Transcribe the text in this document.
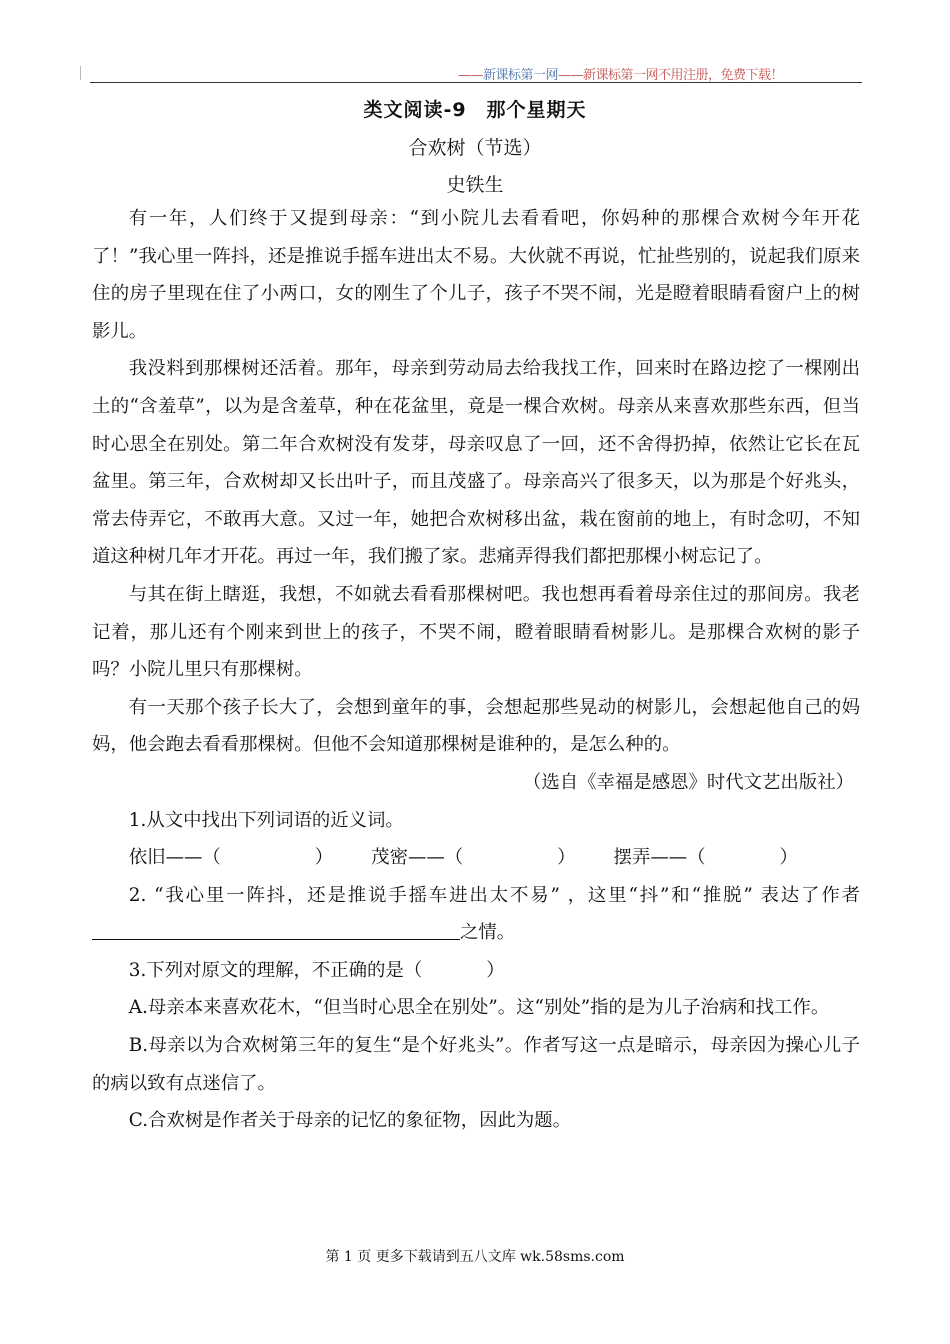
——新课标第一网——新课标第一网不用注册，免费下载！
类文阅读-9　那个星期天
合欢树（节选）
史铁生

有一年，人们终于又提到母亲：“到小院儿去看看吧，你妈种的那棵合欢树今年开花了！”我心里一阵抖，还是推说手摇车进出太不易。大伙就不再说，忙扯些别的，说起我们原来住的房子里现在住了小两口，女的刚生了个儿子，孩子不哭不闹，光是瞪着眼睛看窗户上的树影儿。

我没料到那棵树还活着。那年，母亲到劳动局去给我找工作，回来时在路边挖了一棵刚出土的“含羞草”，以为是含羞草，种在花盆里，竟是一棵合欢树。母亲从来喜欢那些东西，但当时心思全在别处。第二年合欢树没有发芽，母亲叹息了一回，还不舍得扔掉，依然让它长在瓦盆里。第三年，合欢树却又长出叶子，而且茂盛了。母亲高兴了很多天，以为那是个好兆头，常去侍弄它，不敢再大意。又过一年，她把合欢树移出盆，栽在窗前的地上，有时念叨，不知道这种树几年才开花。再过一年，我们搬了家。悲痛弄得我们都把那棵小树忘记了。

与其在街上瞎逛，我想，不如就去看看那棵树吧。我也想再看着母亲住过的那间房。我老记着，那儿还有个刚来到世上的孩子，不哭不闹，瞪着眼睛看树影儿。是那棵合欢树的影子吗？小院儿里只有那棵树。

有一天那个孩子长大了，会想到童年的事，会想起那些晃动的树影儿，会想起他自己的妈妈，他会跑去看看那棵树。但他不会知道那棵树是谁种的，是怎么种的。

（选自《幸福是感恩》时代文艺出版社）

1.从文中找出下列词语的近义词。

依旧——（	） 茂密——（	） 摆弄——（	）

2. “我心里一阵抖，还是推说手摇车进出太不易” ，这里“抖”和“推脱” 表达了作者之情。

3.下列对原文的理解，不正确的是（	）

A.母亲本来喜欢花木，“但当时心思全在别处”。这“别处”指的是为儿子治病和找工作。

B.母亲以为合欢树第三年的复生“是个好兆头”。作者写这一点是暗示，母亲因为操心儿子的病以致有点迷信了。

C.合欢树是作者关于母亲的记忆的象征物，因此为题。

第 1 页 更多下载请到五八文库 wk.58sms.com
